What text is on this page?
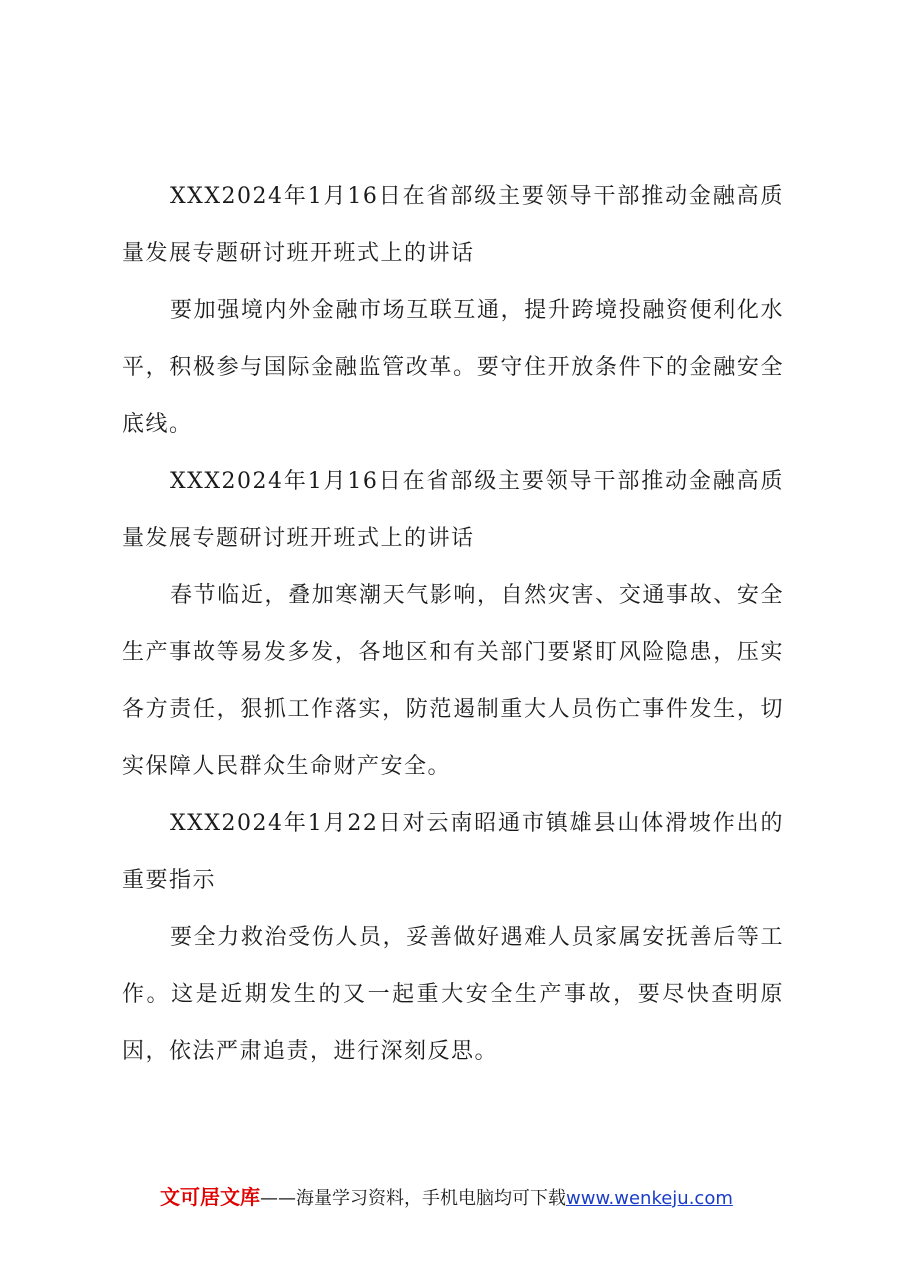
XXX2024年1月16日在省部级主要领导干部推动金融高质量发展专题研讨班开班式上的讲话

要加强境内外金融市场互联互通，提升跨境投融资便利化水平，积极参与国际金融监管改革。要守住开放条件下的金融安全底线。

XXX2024年1月16日在省部级主要领导干部推动金融高质量发展专题研讨班开班式上的讲话

春节临近，叠加寒潮天气影响，自然灾害、交通事故、安全生产事故等易发多发，各地区和有关部门要紧盯风险隐患，压实各方责任，狠抓工作落实，防范遏制重大人员伤亡事件发生，切实保障人民群众生命财产安全。

XXX2024年1月22日对云南昭通市镇雄县山体滑坡作出的重要指示

要全力救治受伤人员，妥善做好遇难人员家属安抚善后等工作。这是近期发生的又一起重大安全生产事故，要尽快查明原因，依法严肃追责，进行深刻反思。

文可居文库——海量学习资料，手机电脑均可下载www.wenkeju.com
